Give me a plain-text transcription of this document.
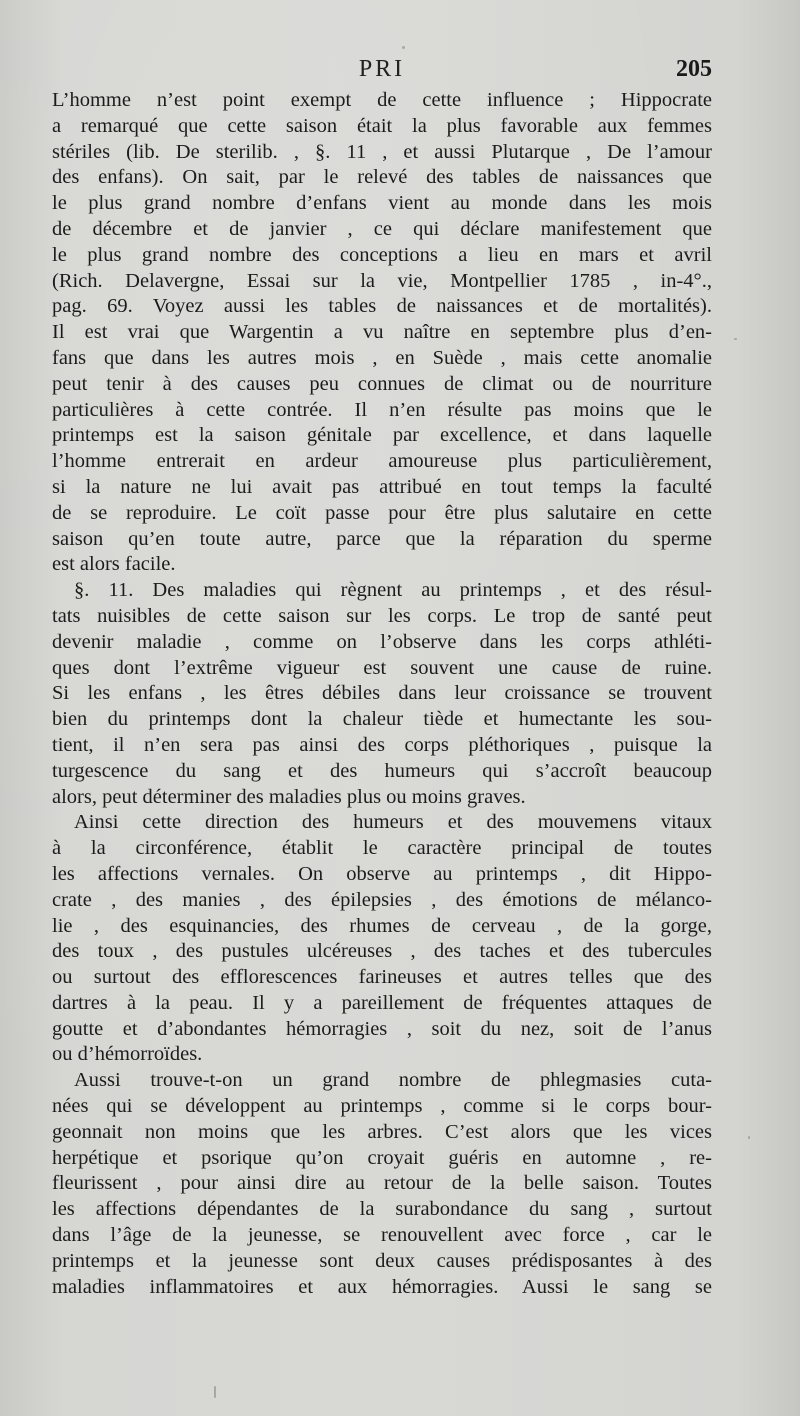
PRI	205
L’homme n’est point exempt de cette influence ; Hippocrate
a remarqué que cette saison était la plus favorable aux femmes
stériles (lib. De sterilib. , §. 11 , et aussi Plutarque , De l’amour
des enfans). On sait, par le relevé des tables de naissances que
le plus grand nombre d’enfans vient au monde dans les mois
de décembre et de janvier , ce qui déclare manifestement que
le plus grand nombre des conceptions a lieu en mars et avril
(Rich. Delavergne, Essai sur la vie, Montpellier 1785 , in-4°.,
pag. 69. Voyez aussi les tables de naissances et de mortalités).
Il est vrai que Wargentin a vu naître en septembre plus d’en-
fans que dans les autres mois , en Suède , mais cette anomalie
peut tenir à des causes peu connues de climat ou de nourriture
particulières à cette contrée. Il n’en résulte pas moins que le
printemps est la saison génitale par excellence, et dans laquelle
l’homme entrerait en ardeur amoureuse plus particulièrement,
si la nature ne lui avait pas attribué en tout temps la faculté
de se reproduire. Le coït passe pour être plus salutaire en cette
saison qu’en toute autre, parce que la réparation du sperme
est alors facile.
§. 11. Des maladies qui règnent au printemps , et des résul-
tats nuisibles de cette saison sur les corps. Le trop de santé peut
devenir maladie , comme on l’observe dans les corps athléti-
ques dont l’extrême vigueur est souvent une cause de ruine.
Si les enfans , les êtres débiles dans leur croissance se trouvent
bien du printemps dont la chaleur tiède et humectante les sou-
tient, il n’en sera pas ainsi des corps pléthoriques , puisque la
turgescence du sang et des humeurs qui s’accroît beaucoup
alors, peut déterminer des maladies plus ou moins graves.
Ainsi cette direction des humeurs et des mouvemens vitaux
à la circonférence, établit le caractère principal de toutes
les affections vernales. On observe au printemps , dit Hippo-
crate , des manies , des épilepsies , des émotions de mélanco-
lie , des esquinancies, des rhumes de cerveau , de la gorge,
des toux , des pustules ulcéreuses , des taches et des tubercules
ou surtout des efflorescences farineuses et autres telles que des
dartres à la peau. Il y a pareillement de fréquentes attaques de
goutte et d’abondantes hémorragies , soit du nez, soit de l’anus
ou d’hémorroïdes.
Aussi trouve-t-on un grand nombre de phlegmasies cuta-
nées qui se développent au printemps , comme si le corps bour-
geonnait non moins que les arbres. C’est alors que les vices
herpétique et psorique qu’on croyait guéris en automne , re-
fleurissent , pour ainsi dire au retour de la belle saison. Toutes
les affections dépendantes de la surabondance du sang , surtout
dans l’âge de la jeunesse, se renouvellent avec force , car le
printemps et la jeunesse sont deux causes prédisposantes à des
maladies inflammatoires et aux hémorragies. Aussi le sang se
